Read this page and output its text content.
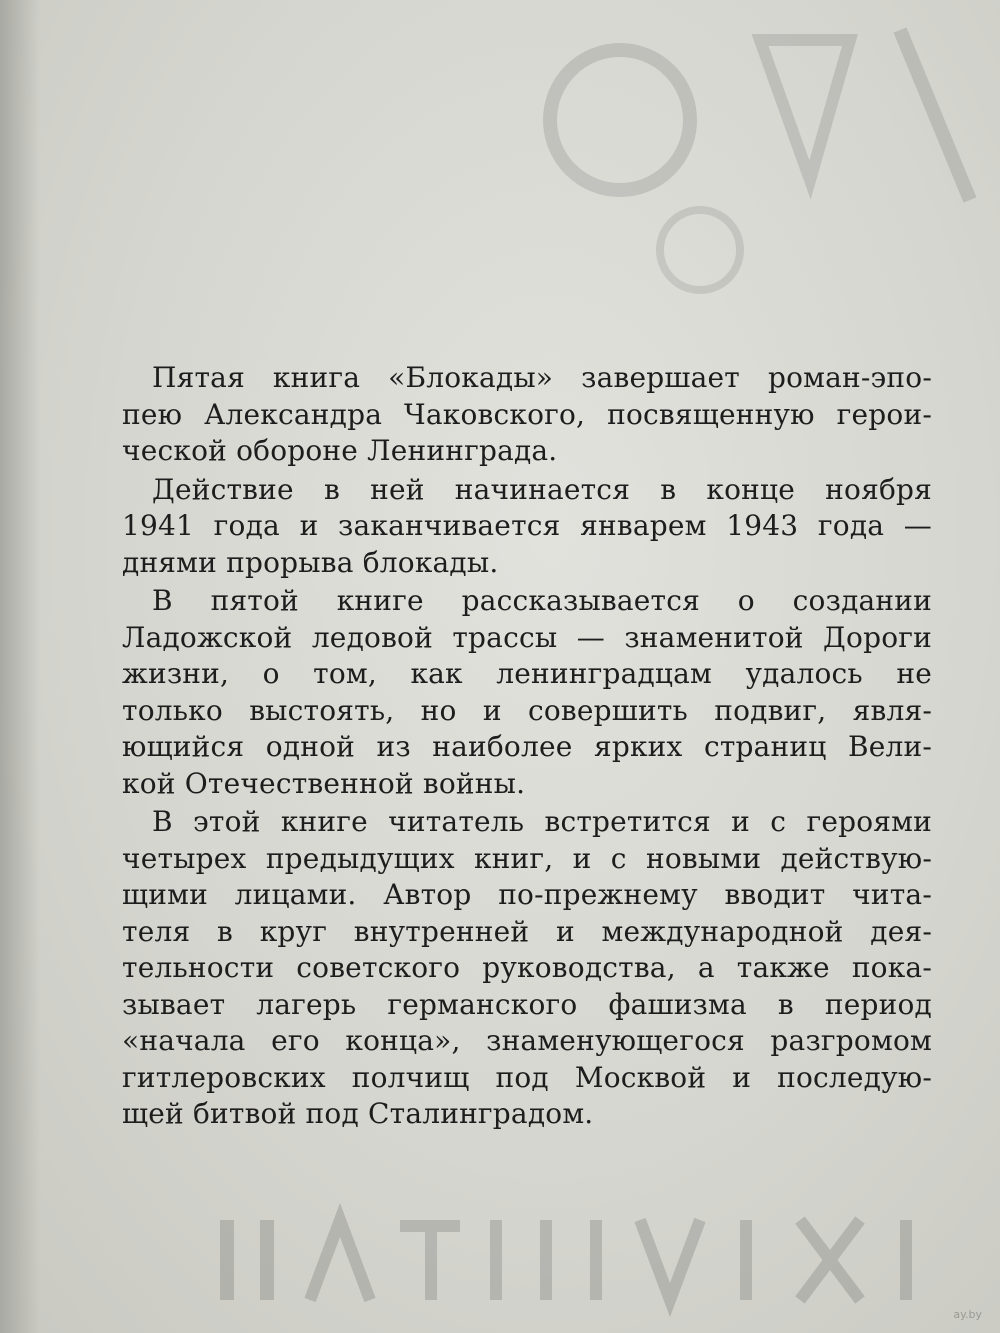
Пятая книга «Блокады» завершает роман-эпо-
пею Александра Чаковского, посвященную герои-
ческой обороне Ленинграда.
Действие в ней начинается в конце ноября
1941 года и заканчивается январем 1943 года —
днями прорыва блокады.
В пятой книге рассказывается о создании
Ладожской ледовой трассы — знаменитой Дороги
жизни, о том, как ленинградцам удалось не
только выстоять, но и совершить подвиг, явля-
ющийся одной из наиболее ярких страниц Вели-
кой Отечественной войны.
В этой книге читатель встретится и с героями
четырех предыдущих книг, и с новыми действую-
щими лицами. Автор по-прежнему вводит чита-
теля в круг внутренней и международной дея-
тельности советского руководства, а также пока-
зывает лагерь германского фашизма в период
«начала его конца», знаменующегося разгромом
гитлеровских полчищ под Москвой и последую-
щей битвой под Сталинградом.
ay.by
